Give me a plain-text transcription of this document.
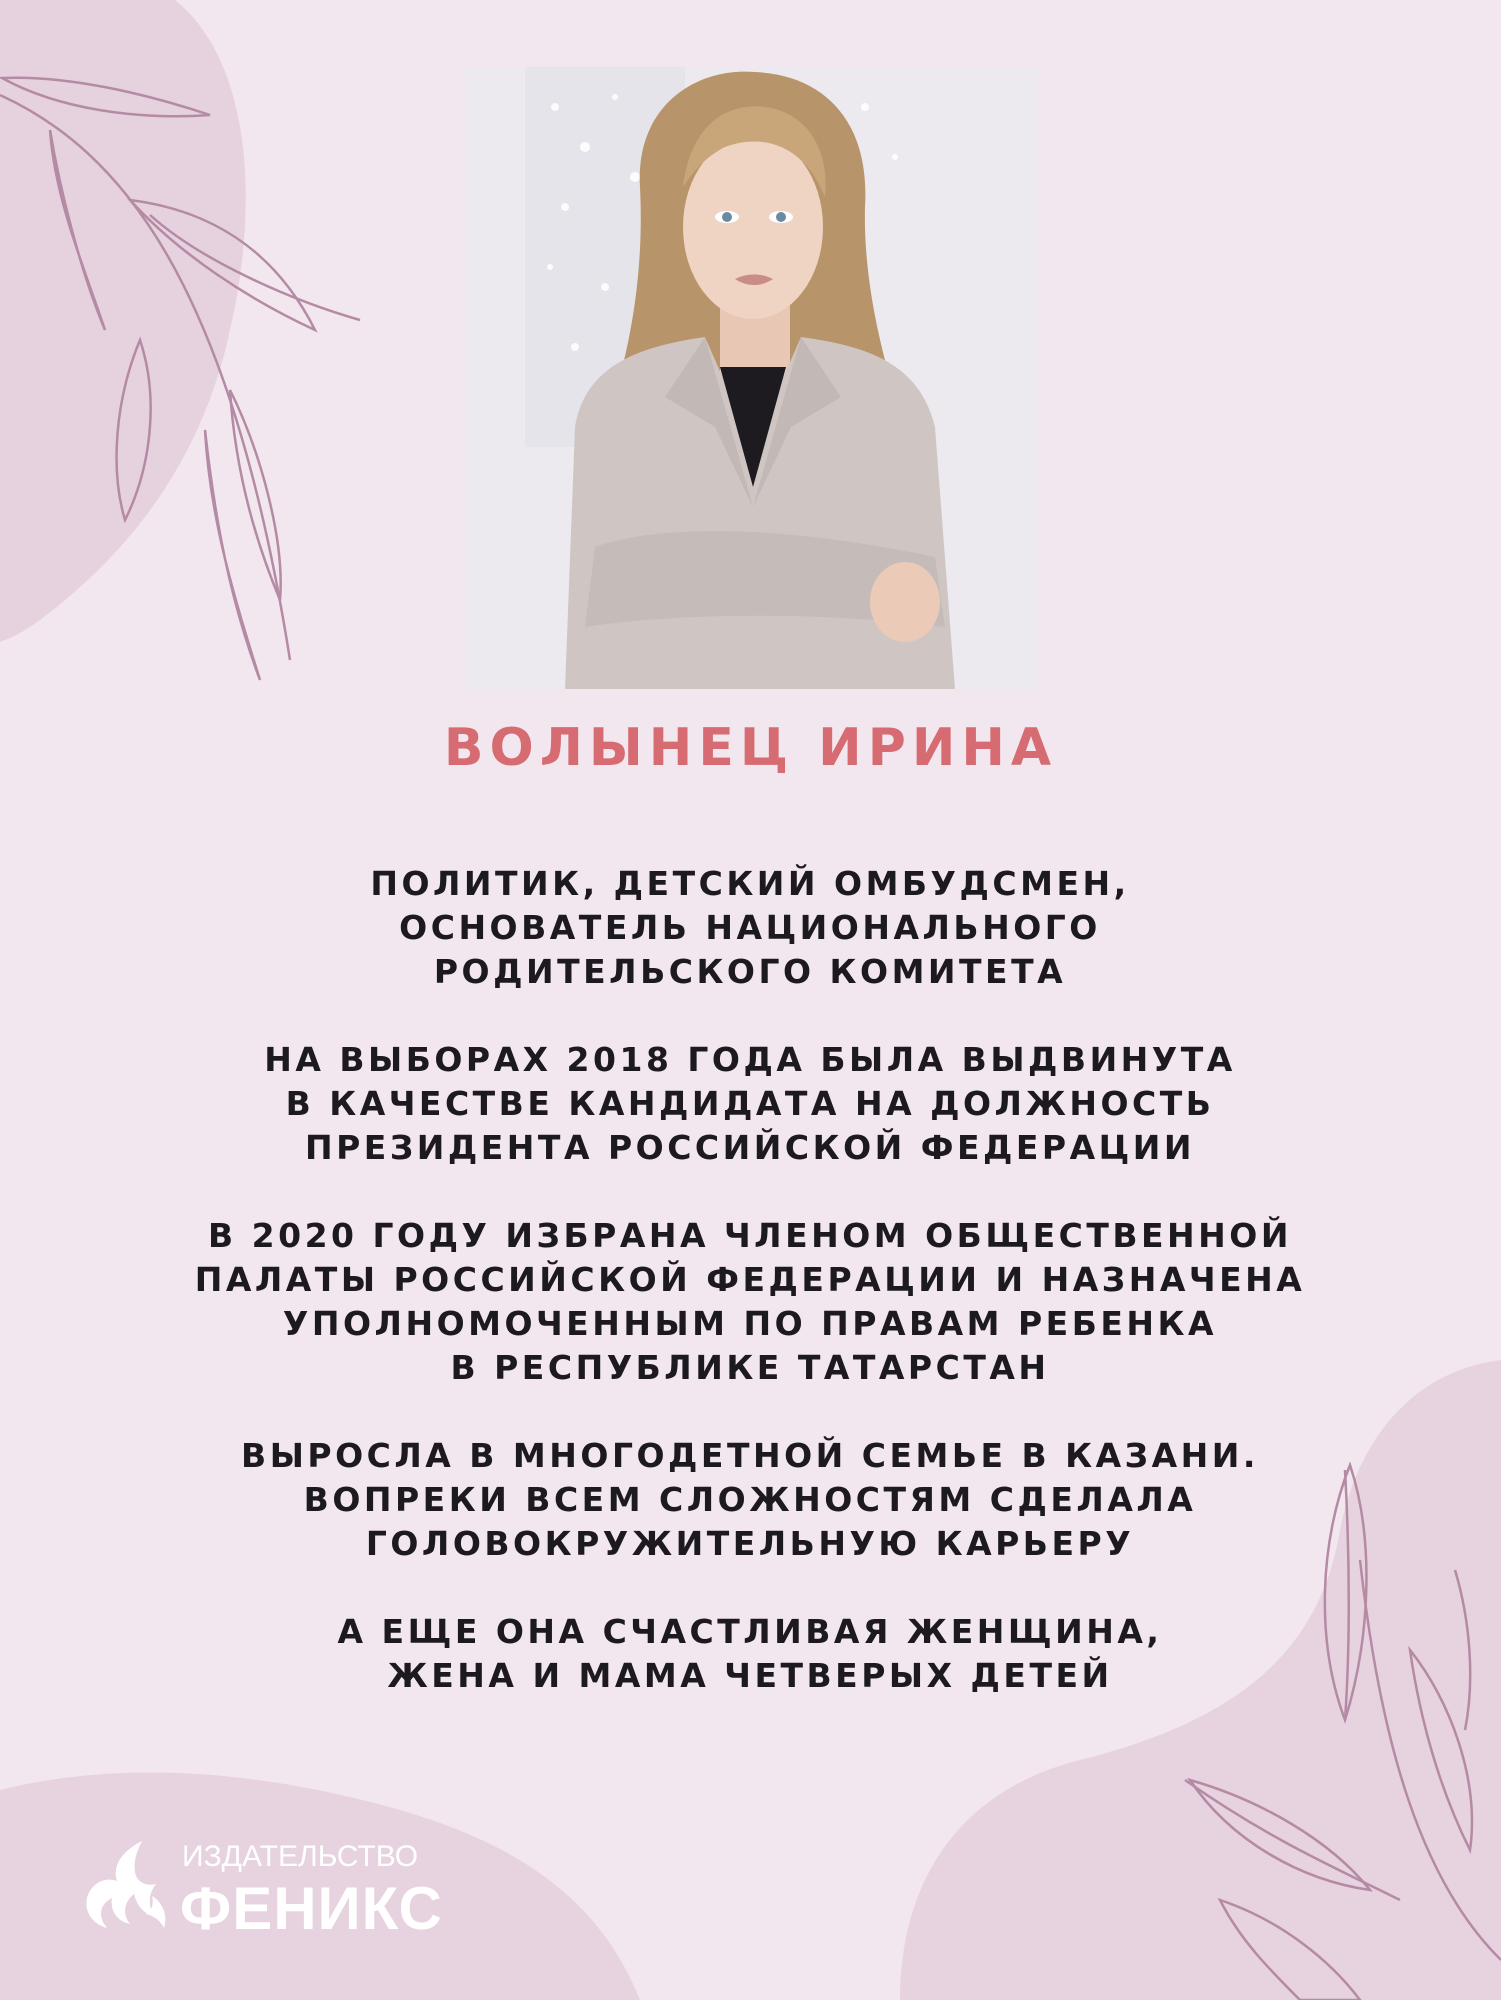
ВОЛЫНЕЦ ИРИНА

ПОЛИТИК, ДЕТСКИЙ ОМБУДСМЕН,
ОСНОВАТЕЛЬ НАЦИОНАЛЬНОГО
РОДИТЕЛЬСКОГО КОМИТЕТА

НА ВЫБОРАХ 2018 ГОДА БЫЛА ВЫДВИНУТА
В КАЧЕСТВЕ КАНДИДАТА НА ДОЛЖНОСТЬ
ПРЕЗИДЕНТА РОССИЙСКОЙ ФЕДЕРАЦИИ

В 2020 ГОДУ ИЗБРАНА ЧЛЕНОМ ОБЩЕСТВЕННОЙ
ПАЛАТЫ РОССИЙСКОЙ ФЕДЕРАЦИИ И НАЗНАЧЕНА
УПОЛНОМОЧЕННЫМ ПО ПРАВАМ РЕБЕНКА
В РЕСПУБЛИКЕ ТАТАРСТАН

ВЫРОСЛА В МНОГОДЕТНОЙ СЕМЬЕ В КАЗАНИ.
ВОПРЕКИ ВСЕМ СЛОЖНОСТЯМ СДЕЛАЛА
ГОЛОВОКРУЖИТЕЛЬНУЮ КАРЬЕРУ

А ЕЩЕ ОНА СЧАСТЛИВАЯ ЖЕНЩИНА,
ЖЕНА И МАМА ЧЕТВЕРЫХ ДЕТЕЙ

ИЗДАТЕЛЬСТВО
ФЕНИКС
